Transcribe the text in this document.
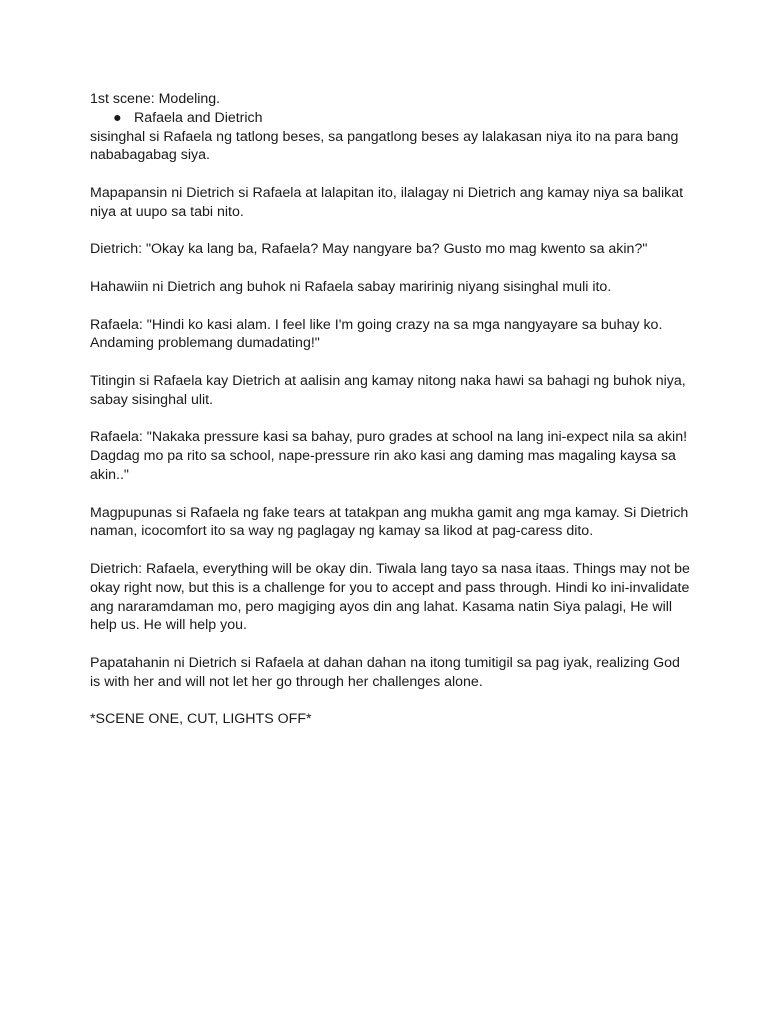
1st scene: Modeling.

● Rafaela and Dietrich

sisinghal si Rafaela ng tatlong beses, sa pangatlong beses ay lalakasan niya ito na para bang

nababagabag siya.

Mapapansin ni Dietrich si Rafaela at lalapitan ito, ilalagay ni Dietrich ang kamay niya sa balikat

niya at uupo sa tabi nito.

Dietrich: "Okay ka lang ba, Rafaela? May nangyare ba? Gusto mo mag kwento sa akin?"

Hahawiin ni Dietrich ang buhok ni Rafaela sabay maririnig niyang sisinghal muli ito.

Rafaela: "Hindi ko kasi alam. I feel like I'm going crazy na sa mga nangyayare sa buhay ko.

Andaming problemang dumadating!"

Titingin si Rafaela kay Dietrich at aalisin ang kamay nitong naka hawi sa bahagi ng buhok niya,

sabay sisinghal ulit.

Rafaela: "Nakaka pressure kasi sa bahay, puro grades at school na lang ini-expect nila sa akin!

Dagdag mo pa rito sa school, nape-pressure rin ako kasi ang daming mas magaling kaysa sa

akin.."

Magpupunas si Rafaela ng fake tears at tatakpan ang mukha gamit ang mga kamay. Si Dietrich

naman, icocomfort ito sa way ng paglagay ng kamay sa likod at pag-caress dito.

Dietrich: Rafaela, everything will be okay din. Tiwala lang tayo sa nasa itaas. Things may not be

okay right now, but this is a challenge for you to accept and pass through. Hindi ko ini-invalidate

ang nararamdaman mo, pero magiging ayos din ang lahat. Kasama natin Siya palagi, He will

help us. He will help you.

Papatahanin ni Dietrich si Rafaela at dahan dahan na itong tumitigil sa pag iyak, realizing God

is with her and will not let her go through her challenges alone.

*SCENE ONE, CUT, LIGHTS OFF*
